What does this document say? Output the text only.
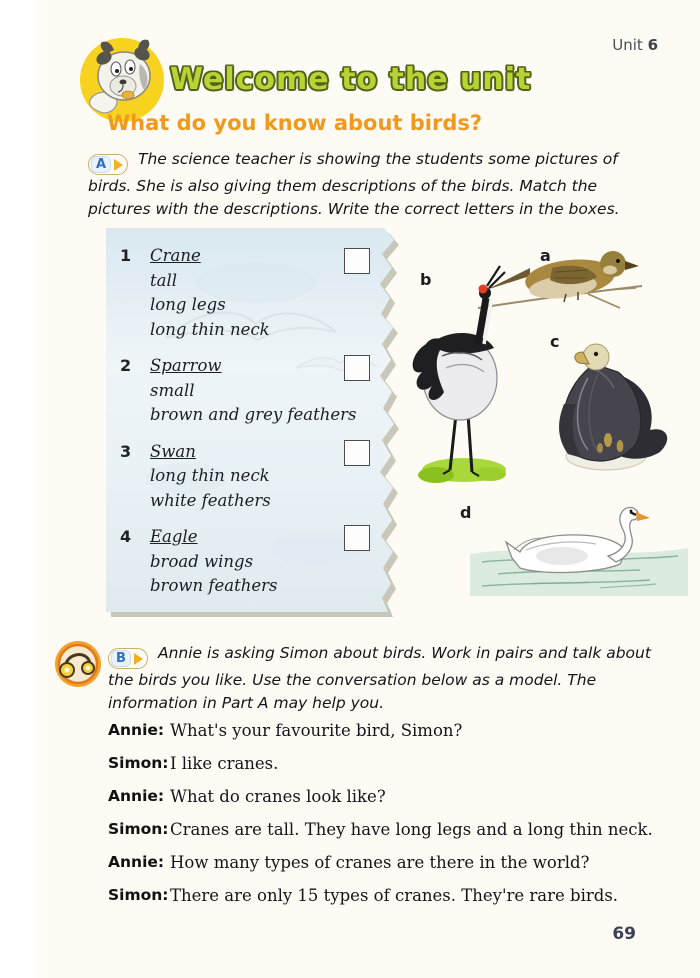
Unit 6
Welcome to the unit
What do you know about birds?
A	The science teacher is showing the students some pictures of birds. She is also giving them descriptions of the birds. Match the pictures with the descriptions. Write the correct letters in the boxes.
1	Crane
tall
long legs
long thin neck
2	Sparrow
small
brown and grey feathers
3	Swan
long thin neck
white feathers
4	Eagle
broad wings
brown feathers
a
b
c
d
B	Annie is asking Simon about birds. Work in pairs and talk about the birds you like. Use the conversation below as a model. The information in Part A may help you.
Annie: What's your favourite bird, Simon?
Simon: I like cranes.
Annie: What do cranes look like?
Simon: Cranes are tall. They have long legs and a long thin neck.
Annie: How many types of cranes are there in the world?
Simon: There are only 15 types of cranes. They're rare birds.
69
